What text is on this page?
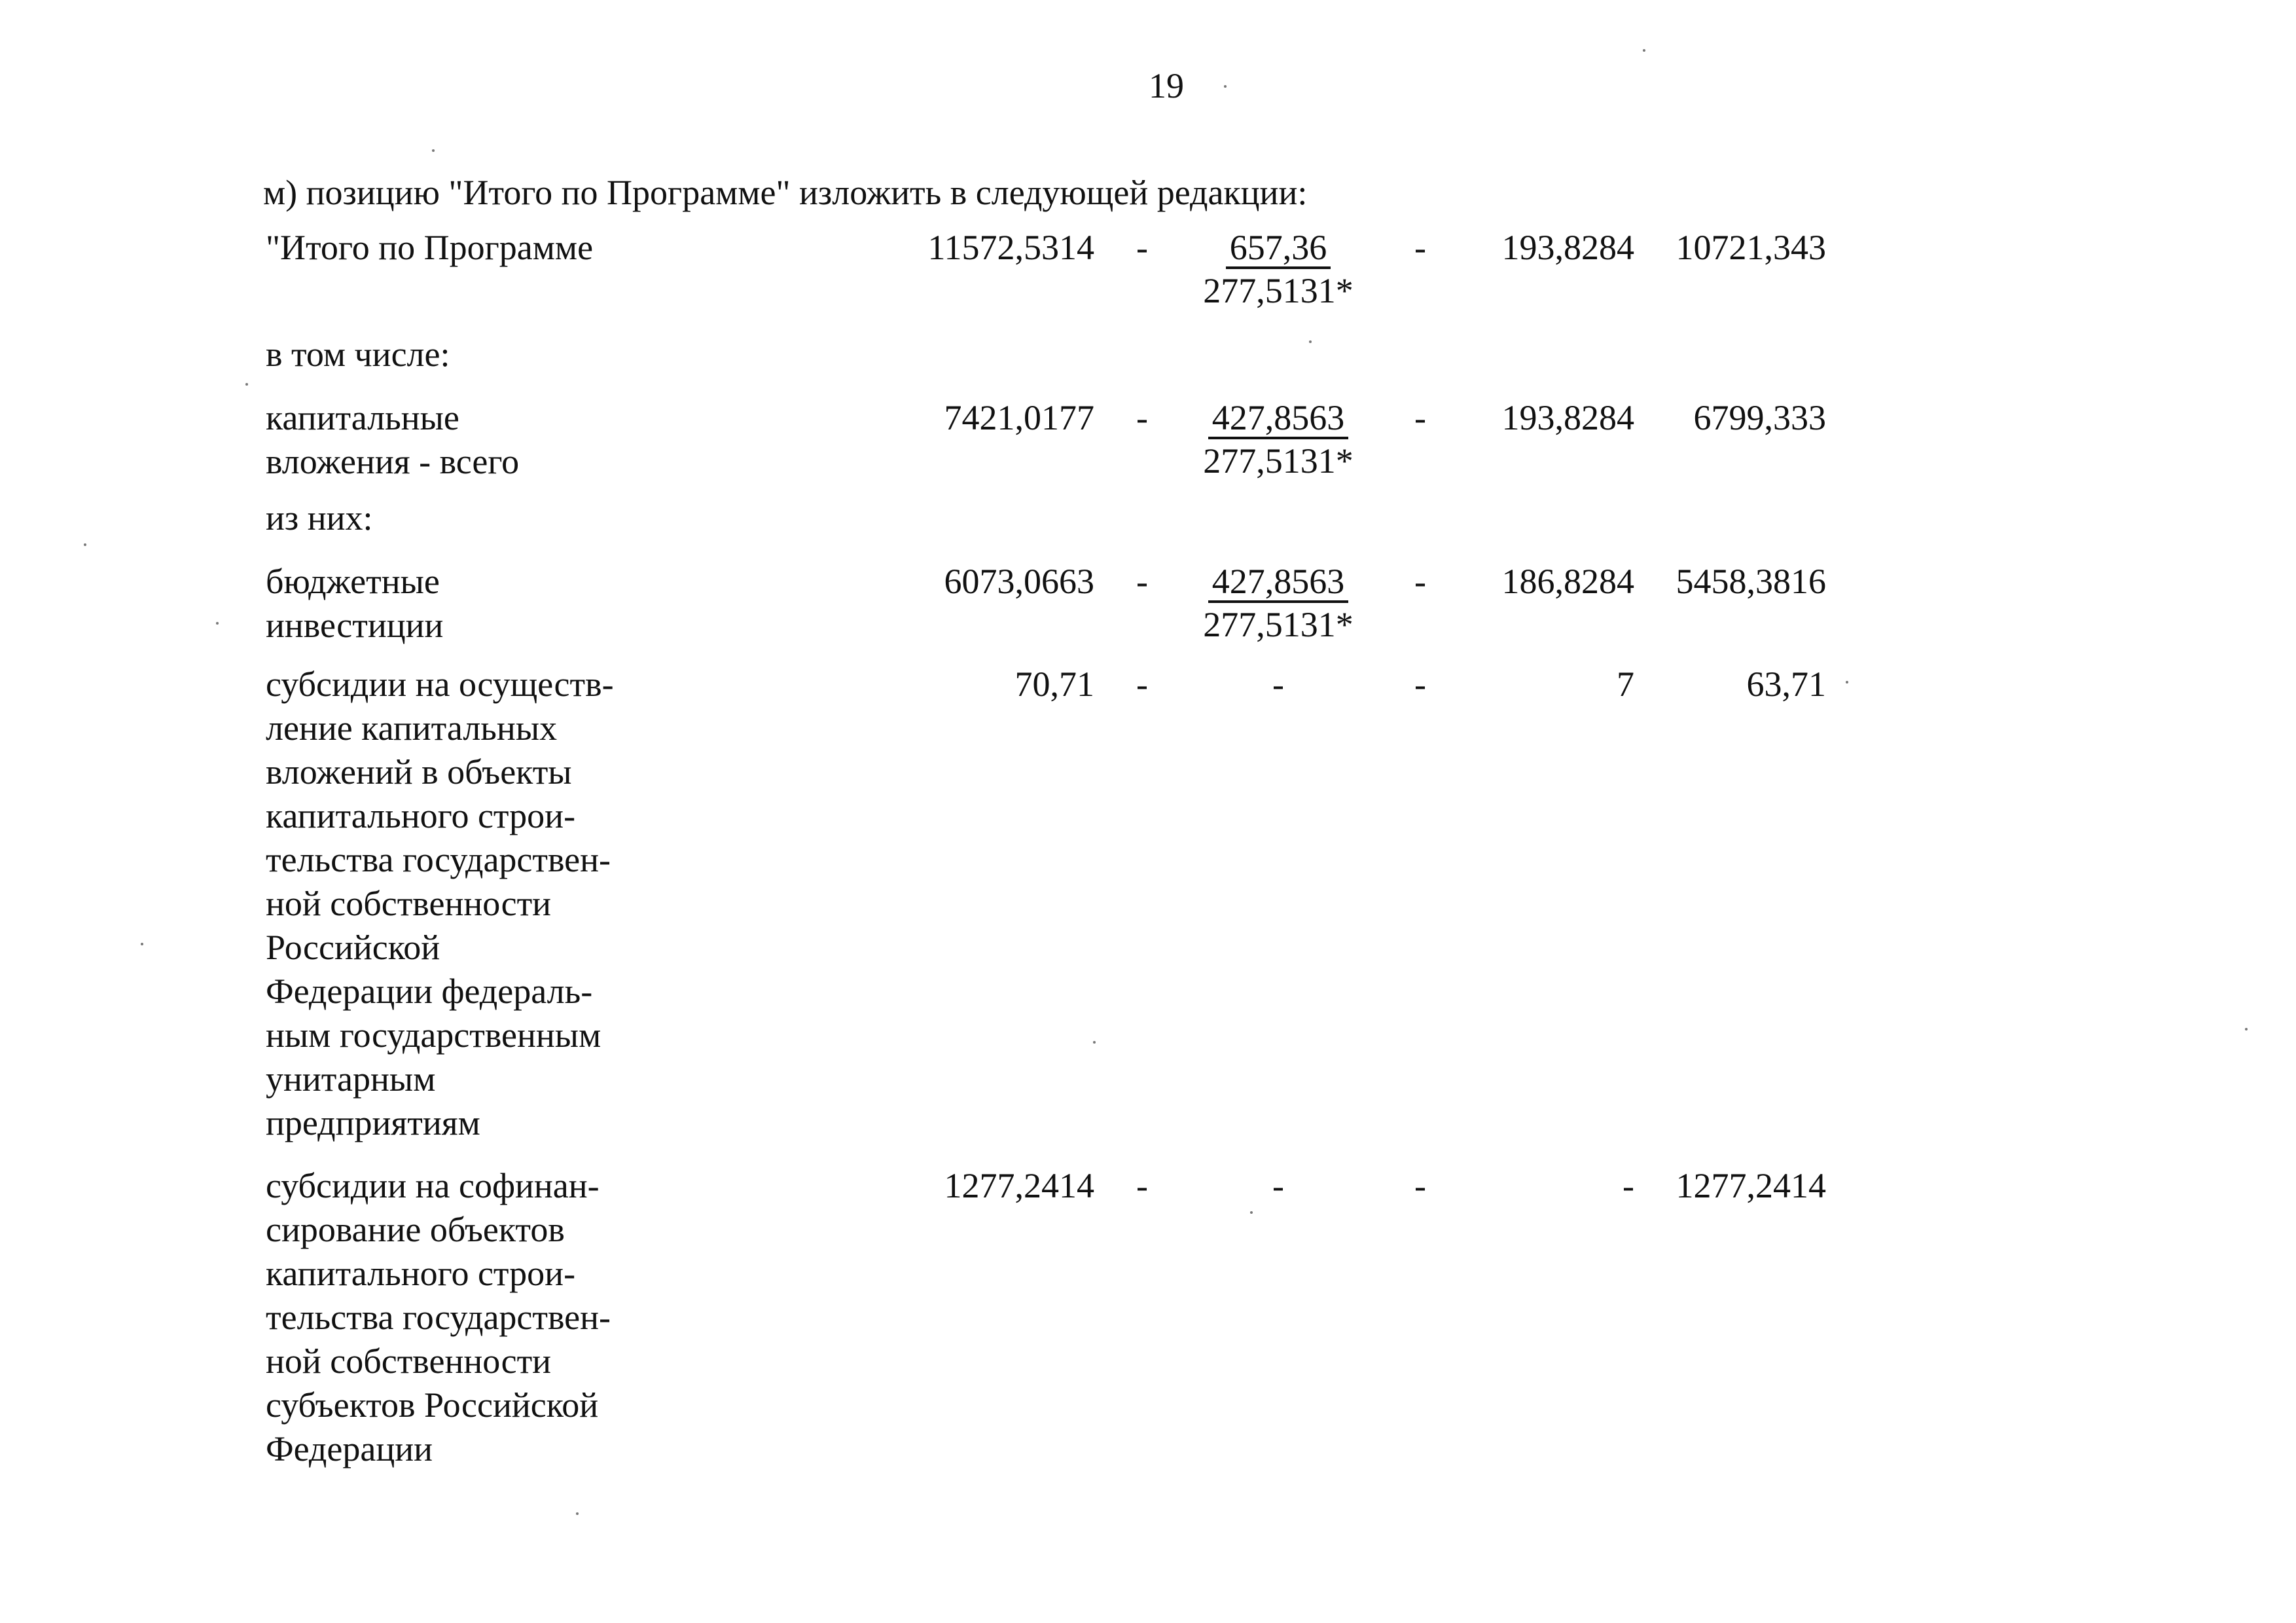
19
м) позицию "Итого по Программе" изложить в следующей редакции:
"Итого по Программе	$11572,5314 - \frac{657,36}{277,5131*} - 193,8284$ 10721,343
в том числе:
капитальные
вложения - всего
$7421,0177 - \frac{427,8563}{277,5131*} - 193,8284$ 6799,333
из них:
бюджетные
инвестиции
$6073,0663 - \frac{427,8563}{277,5131*} - 186,8284$ 5458,3816
субсидии на осуществ-
ление капитальных
вложений в объекты
капитального строи-
тельства государствен-
ной собственности
Российской
Федерации федераль-
ным государственным
унитарным
предприятиям
70,71 -	-	-	7	63,71
субсидии на софинан-
сирование объектов
капитального строи-
тельства государствен-
ной собственности
субъектов Российской
Федерации
1277,2414 -	-	-	- 1277,2414
